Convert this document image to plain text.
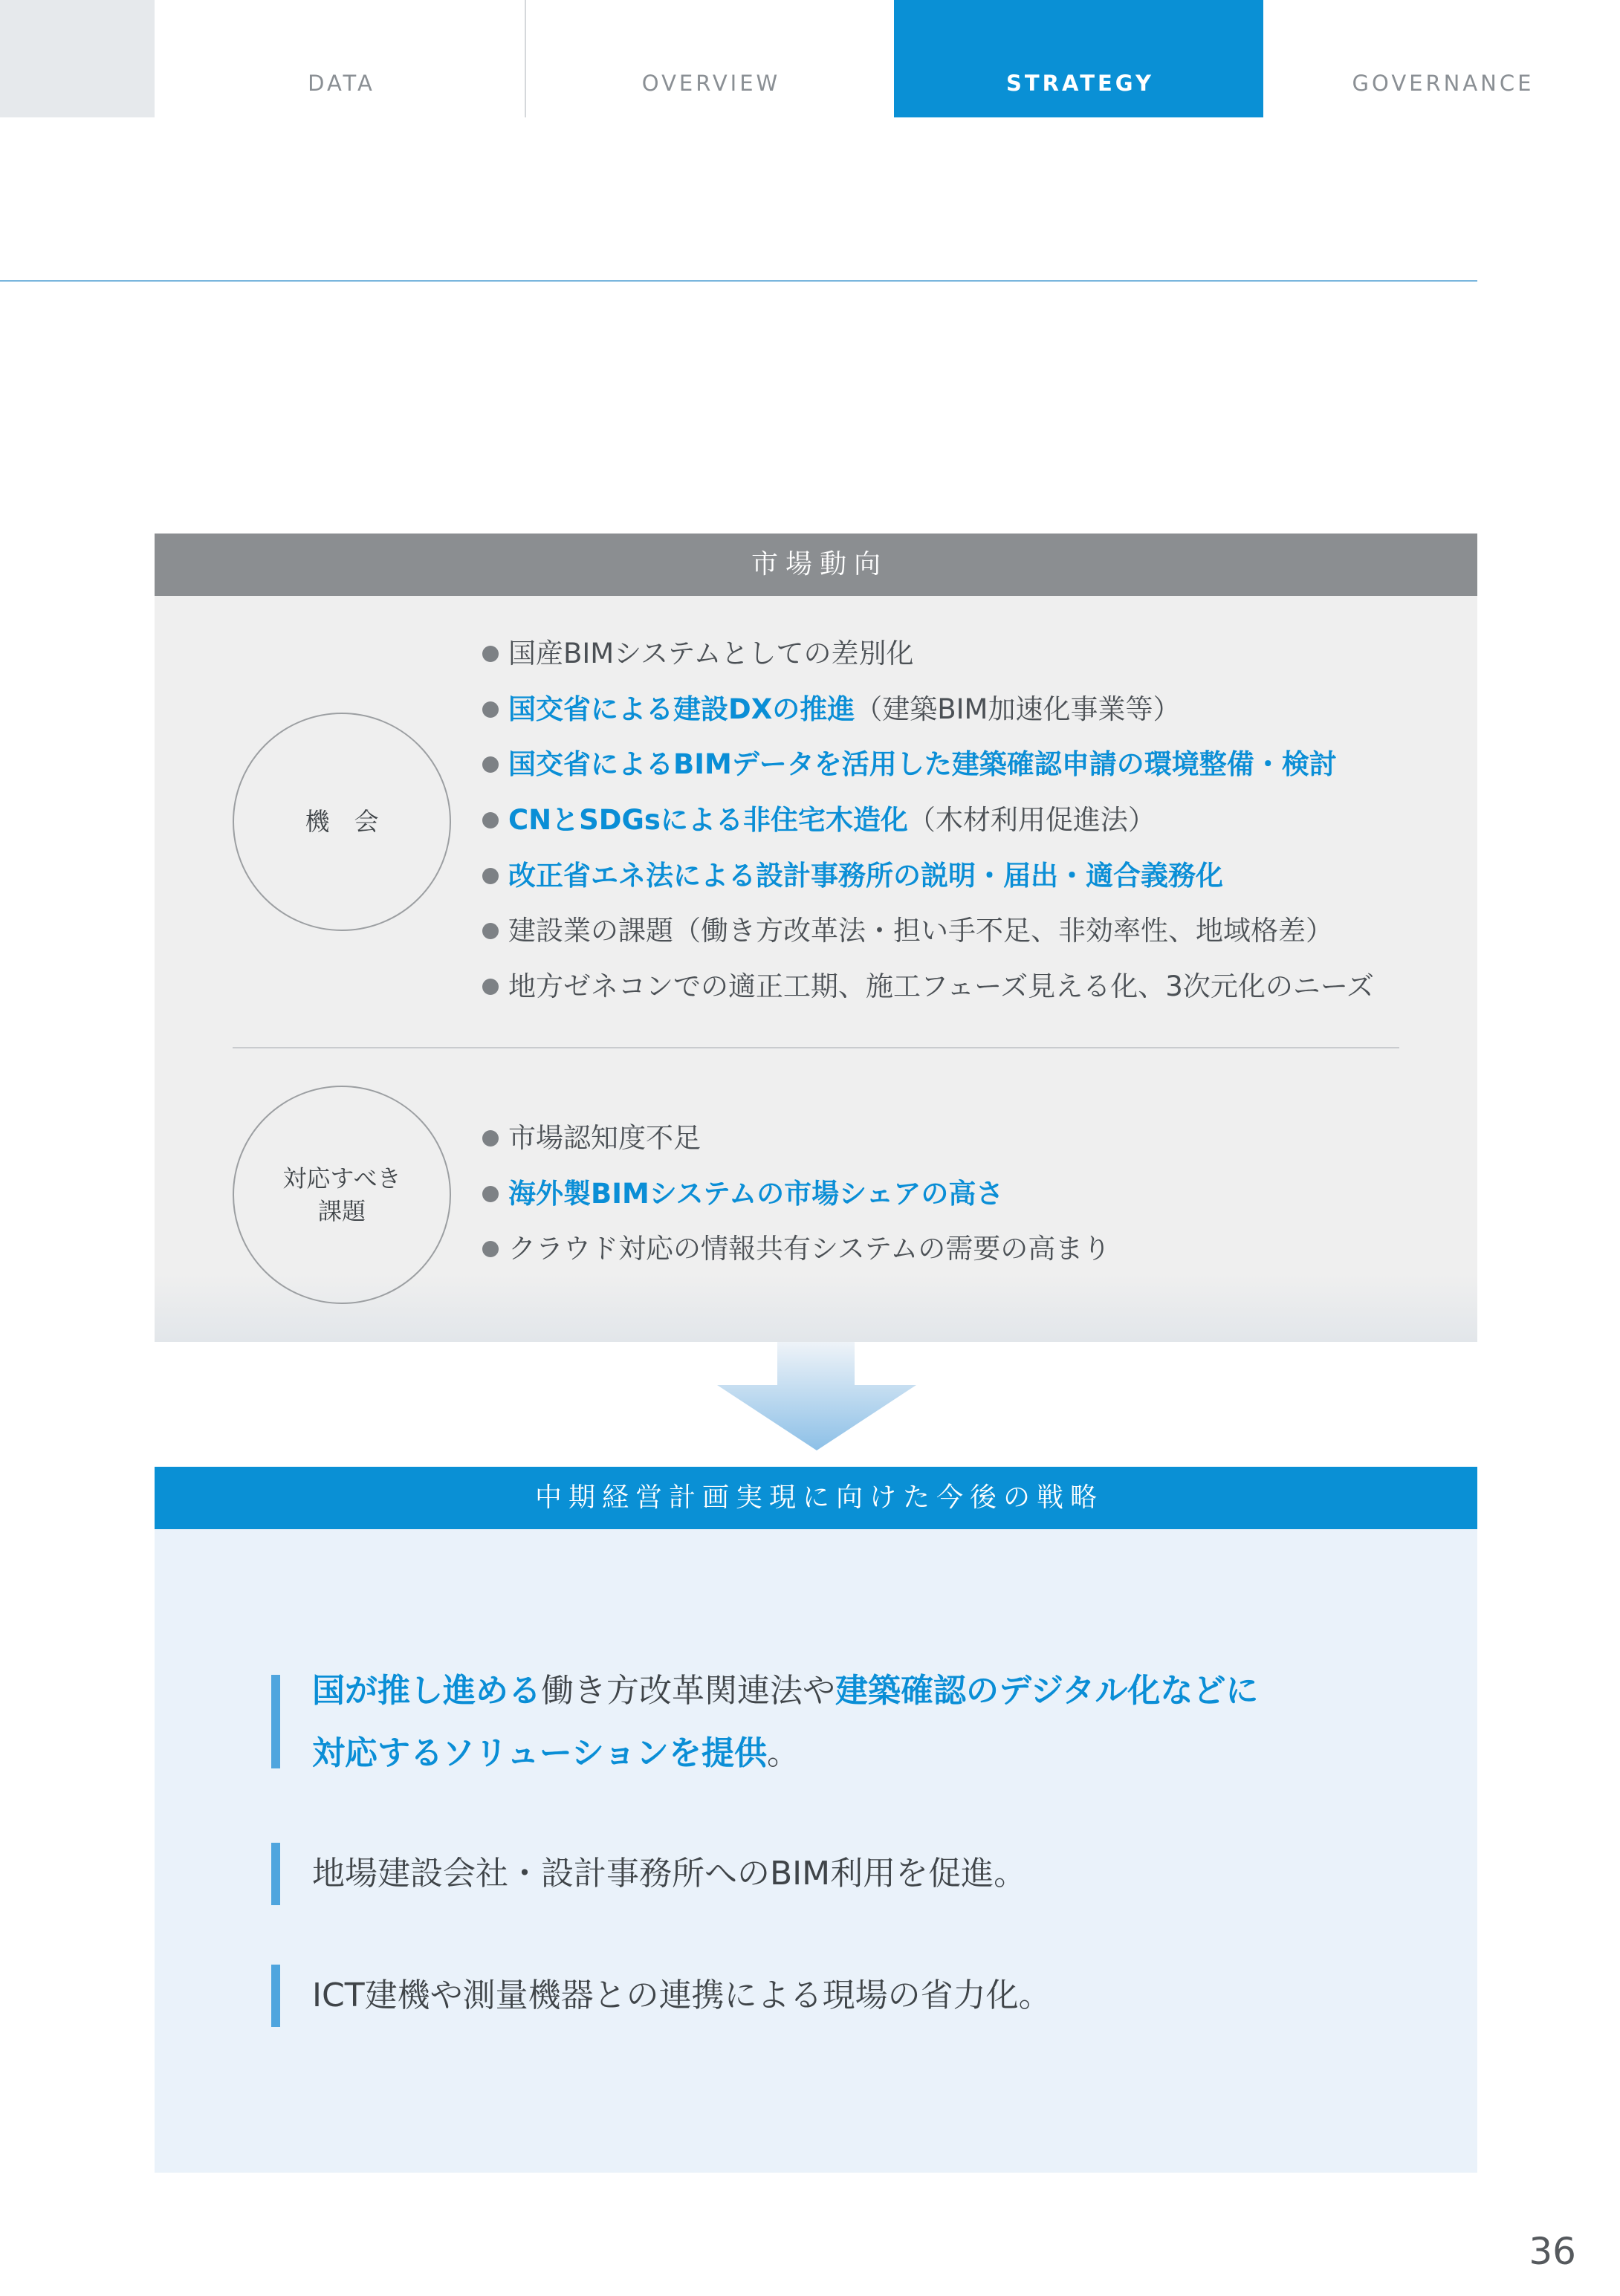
DATA	OVERVIEW	STRATEGY	GOVERNANCE
市場動向
機　会
国産BIMシステムとしての差別化
国交省による建設DXの推進（建築BIM加速化事業等）
国交省によるBIMデータを活用した建築確認申請の環境整備・検討
CNとSDGsによる非住宅木造化（木材利用促進法）
改正省エネ法による設計事務所の説明・届出・適合義務化
建設業の課題（働き方改革法・担い手不足、非効率性、地域格差）
地方ゼネコンでの適正工期、施工フェーズ見える化、3次元化のニーズ
対応すべき
課題
市場認知度不足
海外製BIMシステムの市場シェアの高さ
クラウド対応の情報共有システムの需要の高まり
中期経営計画実現に向けた今後の戦略
国が推し進める働き方改革関連法や建築確認のデジタル化などに
対応するソリューションを提供。
地場建設会社・設計事務所へのBIM利用を促進。
ICT建機や測量機器との連携による現場の省力化。
36
